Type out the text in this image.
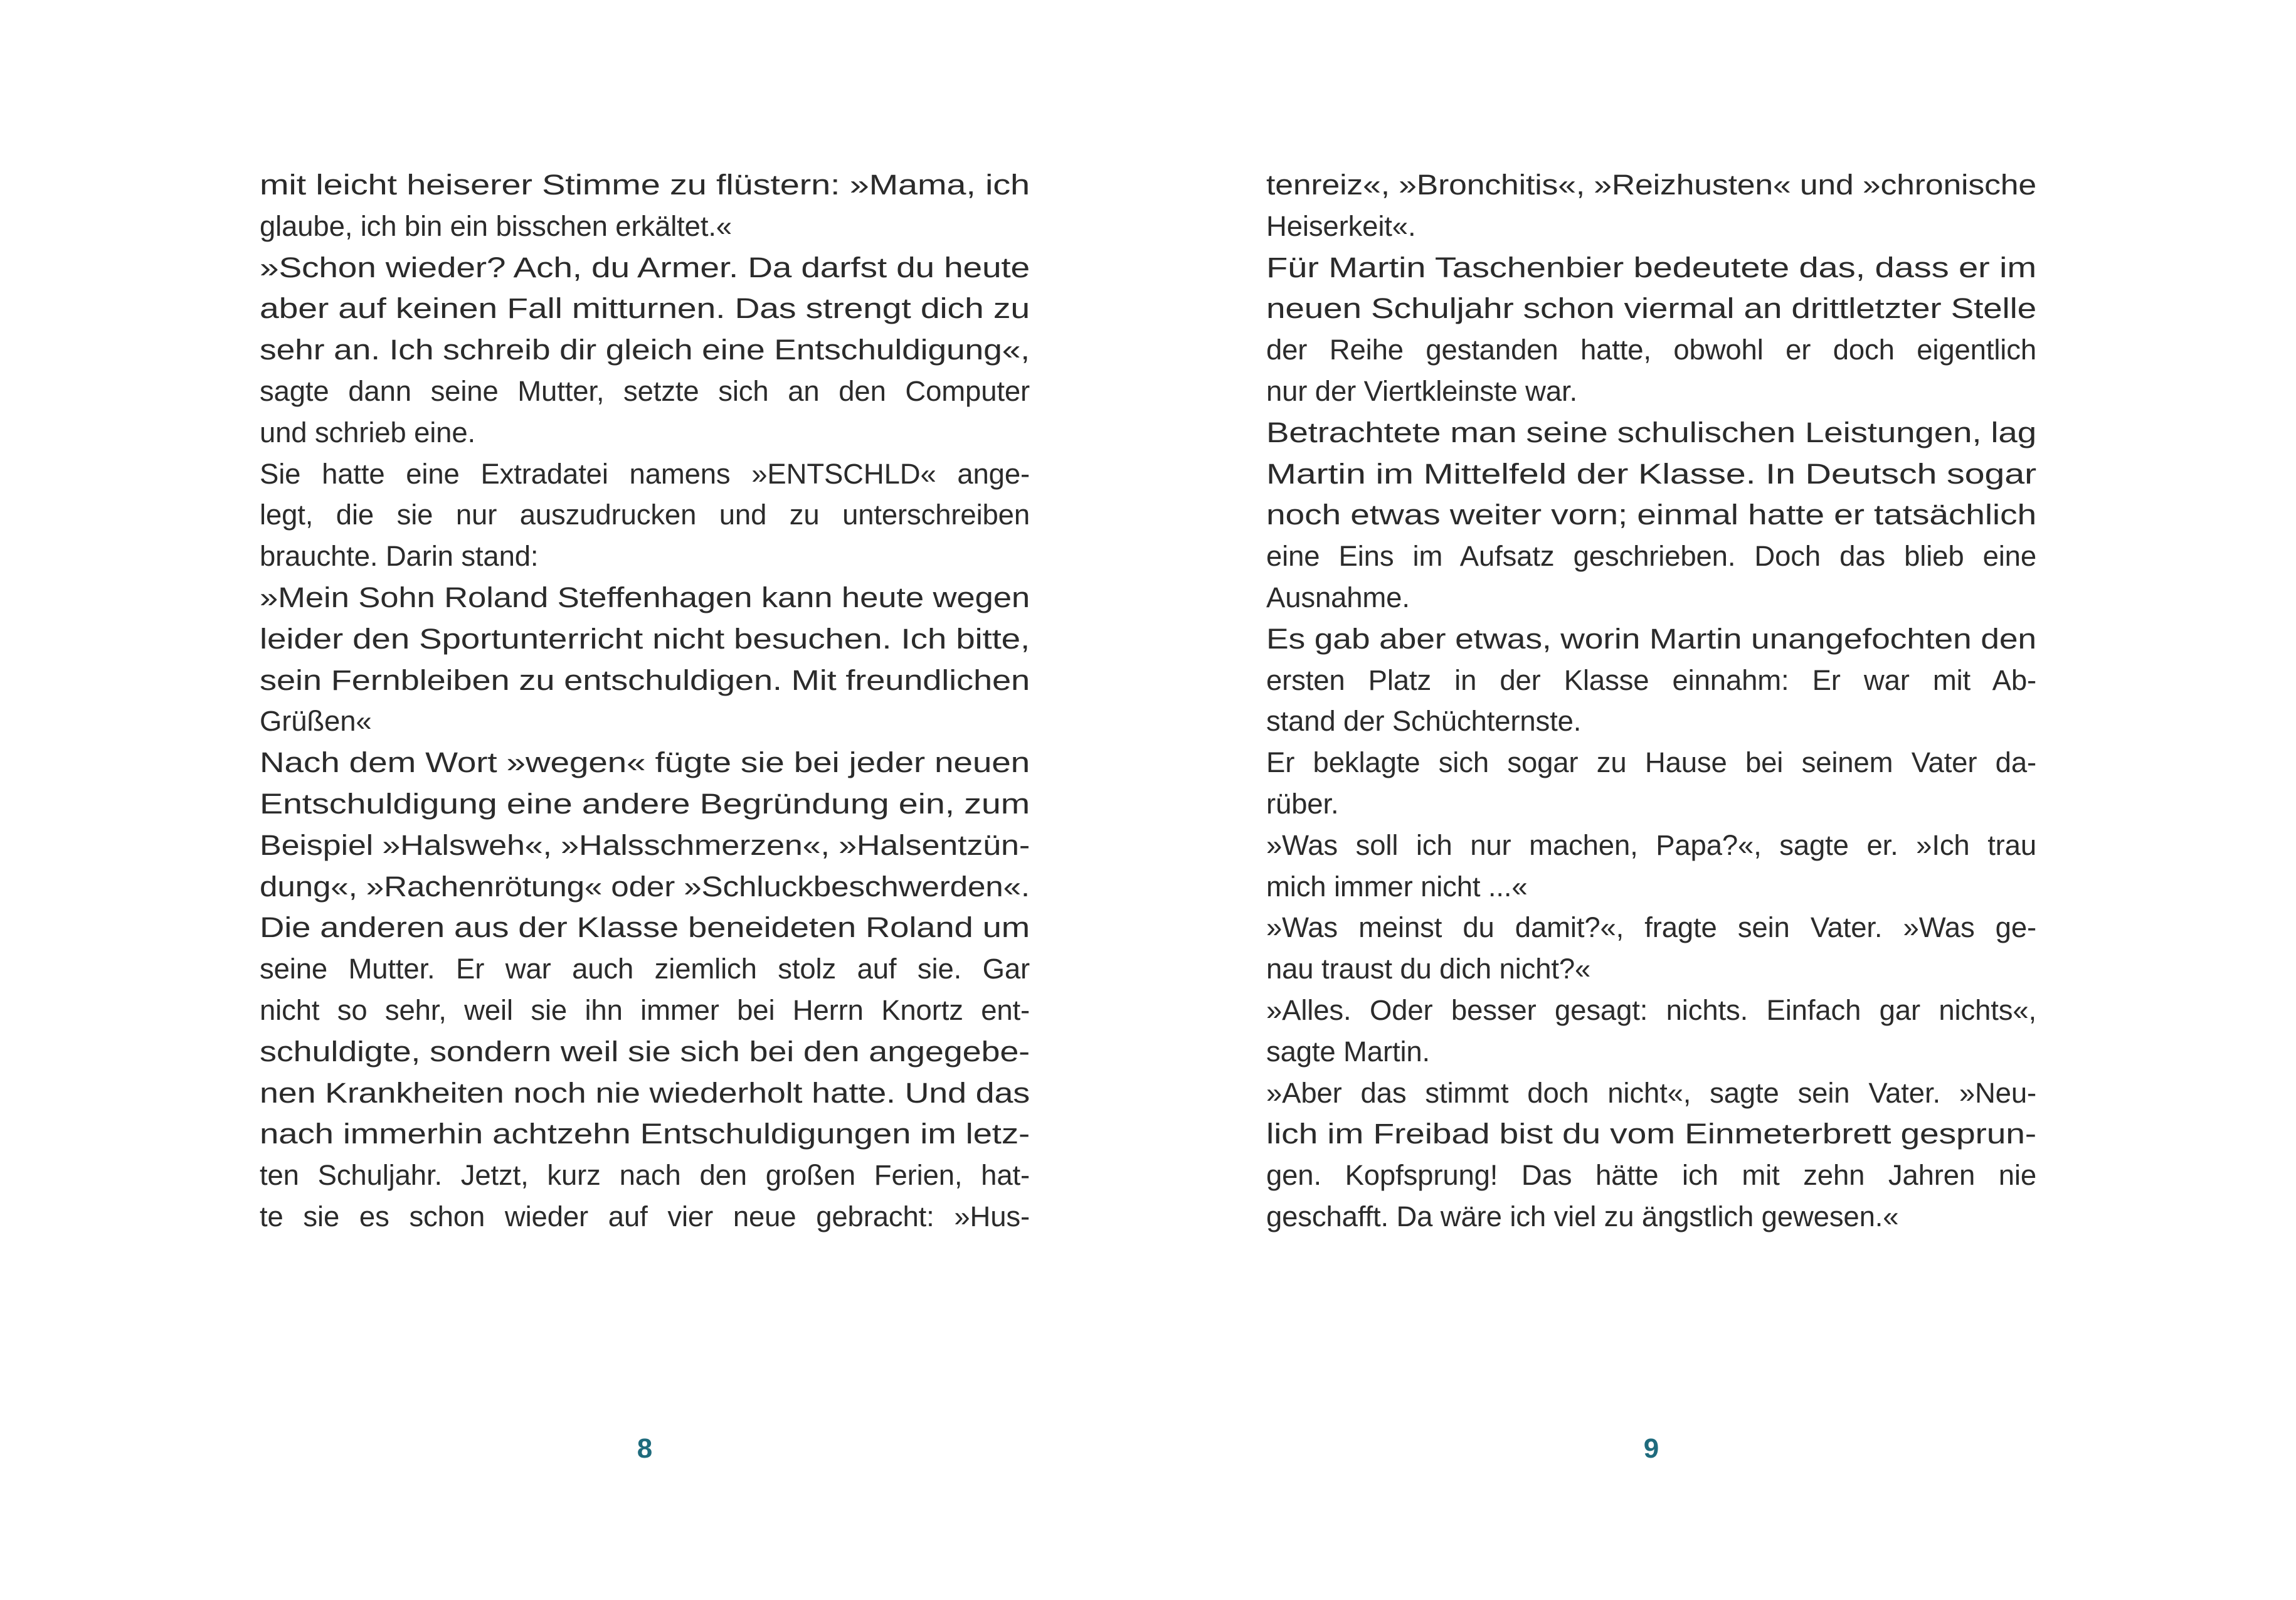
mit leicht heiserer Stimme zu flüstern: »Mama, ich
glaube, ich bin ein bisschen erkältet.«
»Schon wieder? Ach, du Armer. Da darfst du heute
aber auf keinen Fall mitturnen. Das strengt dich zu
sehr an. Ich schreib dir gleich eine Entschuldigung«,
sagte dann seine Mutter, setzte sich an den Computer
und schrieb eine.
Sie hatte eine Extradatei namens »ENTSCHLD« ange-
legt, die sie nur auszudrucken und zu unterschreiben
brauchte. Darin stand:
»Mein Sohn Roland Steffenhagen kann heute wegen
leider den Sportunterricht nicht besuchen. Ich bitte,
sein Fernbleiben zu entschuldigen. Mit freundlichen
Grüßen«
Nach dem Wort »wegen« fügte sie bei jeder neuen
Entschuldigung eine andere Begründung ein, zum
Beispiel »Halsweh«, »Halsschmerzen«, »Halsentzün-
dung«, »Rachenrötung« oder »Schluckbeschwerden«.
Die anderen aus der Klasse beneideten Roland um
seine Mutter. Er war auch ziemlich stolz auf sie. Gar
nicht so sehr, weil sie ihn immer bei Herrn Knortz ent-
schuldigte, sondern weil sie sich bei den angegebe-
nen Krankheiten noch nie wiederholt hatte. Und das
nach immerhin achtzehn Entschuldigungen im letz-
ten Schuljahr. Jetzt, kurz nach den großen Ferien, hat-
te sie es schon wieder auf vier neue gebracht: »Hus-
8
tenreiz«, »Bronchitis«, »Reizhusten« und »chronische
Heiserkeit«.
Für Martin Taschenbier bedeutete das, dass er im
neuen Schuljahr schon viermal an drittletzter Stelle
der Reihe gestanden hatte, obwohl er doch eigentlich
nur der Viertkleinste war.
Betrachtete man seine schulischen Leistungen, lag
Martin im Mittelfeld der Klasse. In Deutsch sogar
noch etwas weiter vorn; einmal hatte er tatsächlich
eine Eins im Aufsatz geschrieben. Doch das blieb eine
Ausnahme.
Es gab aber etwas, worin Martin unangefochten den
ersten Platz in der Klasse einnahm: Er war mit Ab-
stand der Schüchternste.
Er beklagte sich sogar zu Hause bei seinem Vater da-
rüber.
»Was soll ich nur machen, Papa?«, sagte er. »Ich trau
mich immer nicht ...«
»Was meinst du damit?«, fragte sein Vater. »Was ge-
nau traust du dich nicht?«
»Alles. Oder besser gesagt: nichts. Einfach gar nichts«,
sagte Martin.
»Aber das stimmt doch nicht«, sagte sein Vater. »Neu-
lich im Freibad bist du vom Einmeterbrett gesprun-
gen. Kopfsprung! Das hätte ich mit zehn Jahren nie
geschafft. Da wäre ich viel zu ängstlich gewesen.«
9
